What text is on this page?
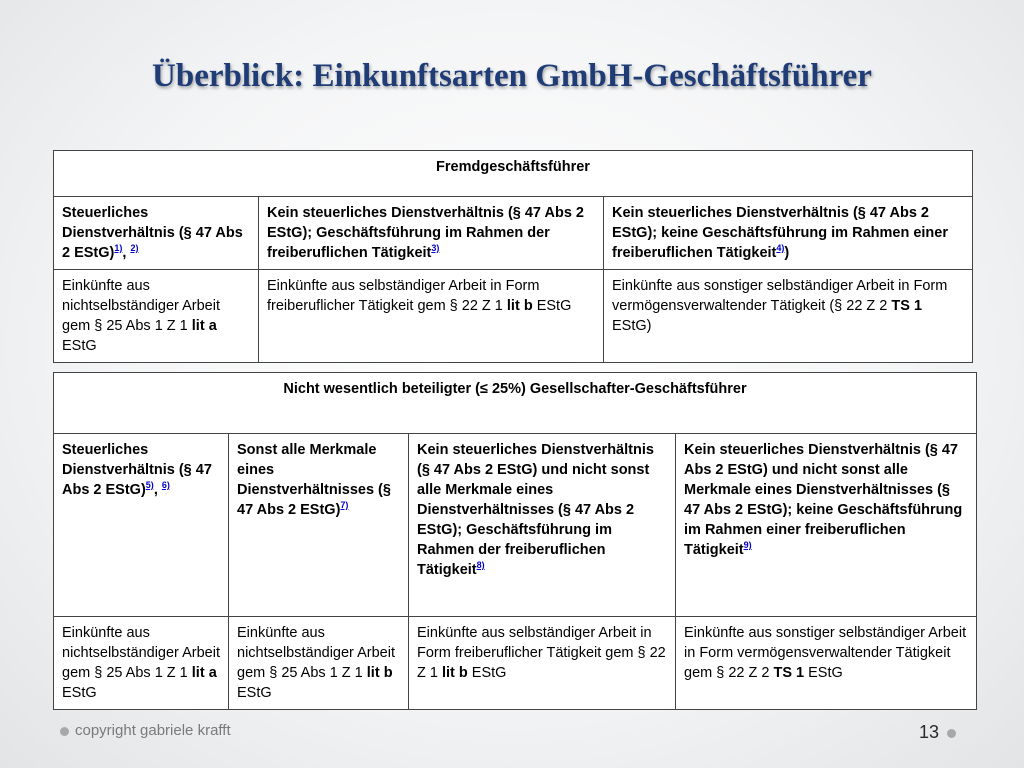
Überblick: Einkunftsarten GmbH-Geschäftsführer
Fremdgeschäftsführer		
Steuerliches Dienstverhältnis (§ 47 Abs 2 EStG)$^{1)}$, $^{2)}$	Kein steuerliches Dienstverhältnis (§ 47 Abs 2 EStG); Geschäftsführung im Rahmen der freiberuflichen Tätigkeit$^{3)}$	Kein steuerliches Dienstverhältnis (§ 47 Abs 2 EStG); keine Geschäftsführung im Rahmen einer freiberuflichen Tätigkeit$^{4)}$)
Einkünfte aus nichtselbständiger Arbeit gem § 25 Abs 1 Z 1 lit a EStG	Einkünfte aus selbständiger Arbeit in Form freiberuflicher Tätigkeit gem § 22 Z 1 lit b EStG	Einkünfte aus sonstiger selbständiger Arbeit in Form vermögensverwaltender Tätigkeit (§ 22 Z 2 TS 1 EStG)
Nicht wesentlich beteiligter (≤ 25%) Gesellschafter-Geschäftsführer			
Steuerliches Dienstverhältnis (§ 47 Abs 2 EStG)$^{5)}$, $^{6)}$	Sonst alle Merkmale eines Dienstverhältnisses (§ 47 Abs 2 EStG)$^{7)}$	Kein steuerliches Dienstverhältnis (§ 47 Abs 2 EStG) und nicht sonst alle Merkmale eines Dienstverhältnisses (§ 47 Abs 2 EStG); Geschäftsführung im Rahmen der freiberuflichen Tätigkeit$^{8)}$	Kein steuerliches Dienstverhältnis (§ 47 Abs 2 EStG) und nicht sonst alle Merkmale eines Dienstverhältnisses (§ 47 Abs 2 EStG); keine Geschäftsführung im Rahmen einer freiberuflichen Tätigkeit$^{9)}$
Einkünfte aus nichtselbständiger Arbeit gem § 25 Abs 1 Z 1 lit a EStG	Einkünfte aus nichtselbständiger Arbeit gem § 25 Abs 1 Z 1 lit b EStG	Einkünfte aus selbständiger Arbeit in Form freiberuflicher Tätigkeit gem § 22 Z 1 lit b EStG	Einkünfte aus sonstiger selbständiger Arbeit in Form vermögensverwaltender Tätigkeit gem § 22 Z 2 TS 1 EStG
copyright gabriele krafft	13
